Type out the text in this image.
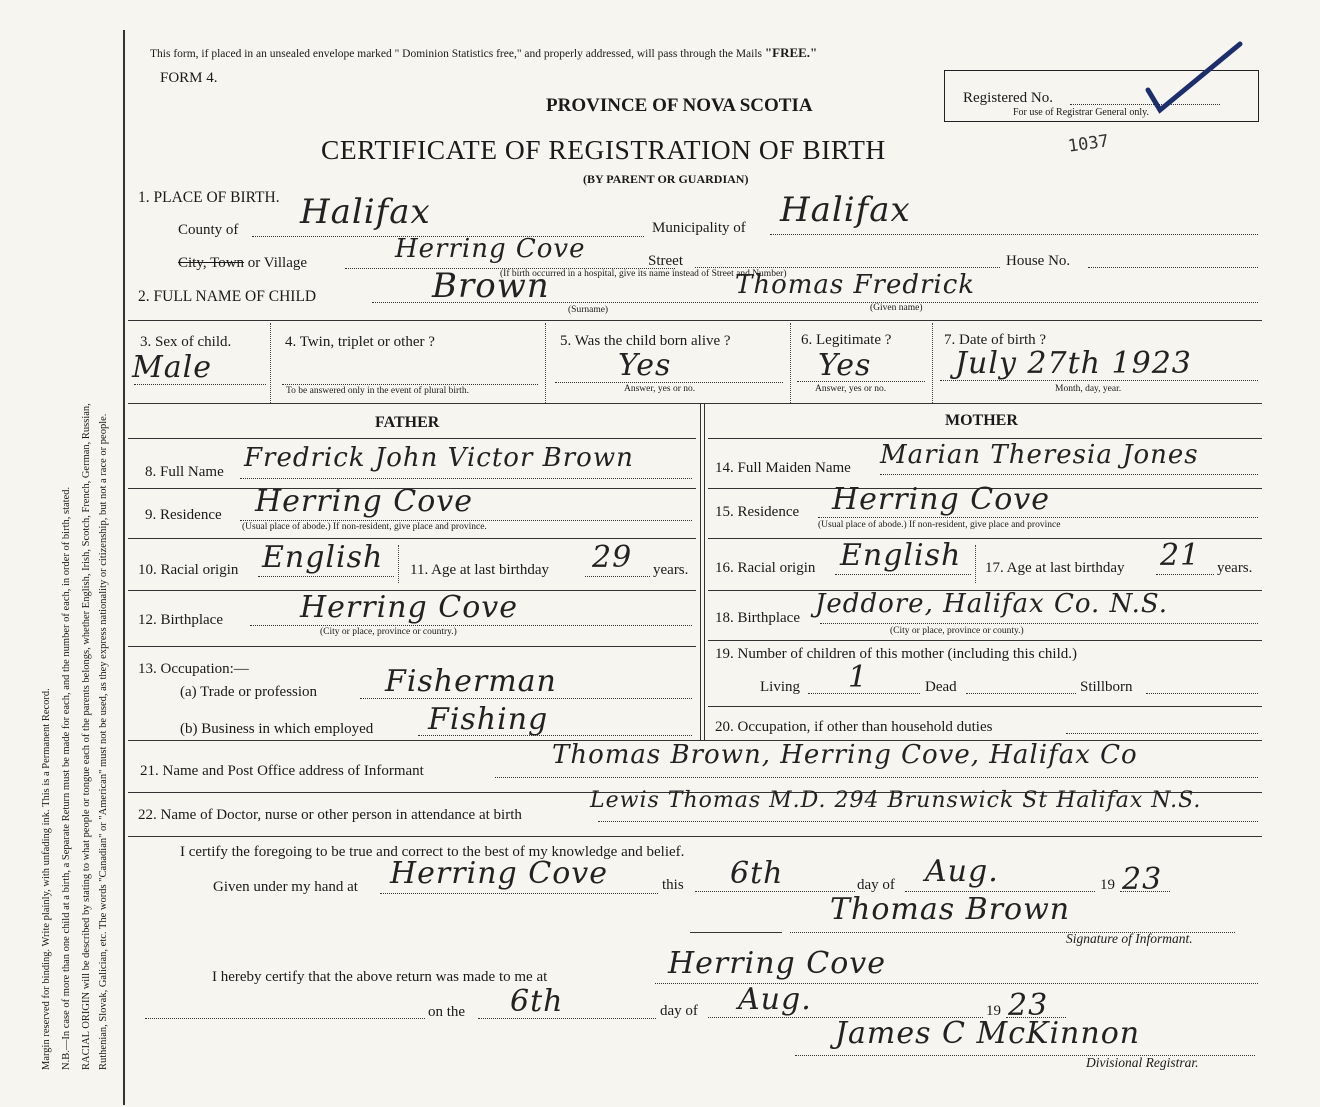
Margin reserved for binding. Write plainly, with unfading ink. This is a Permanent Record. N.B.—In case of more than one child at a birth, a Separate Return must be made for each, and the number of each, in order of birth, stated. RACIAL ORIGIN will be described by stating to what people or tongue each of the parents belongs, whether English, Irish, Scotch, French, German, Russian, Ruthenian, Slovak, Galician, etc. The words "Canadian" or "American" must not be used, as they express nationality or citizenship, but not a race or people.
This form, if placed in an unsealed envelope marked " Dominion Statistics free," and properly addressed, will pass through the Mails "FREE."
FORM 4.
Registered No.
For use of Registrar General only.
PROVINCE OF NOVA SCOTIA
CERTIFICATE OF REGISTRATION OF BIRTH	1037
(BY PARENT OR GUARDIAN)
1. PLACE OF BIRTH.
County of Halifax	Municipality of Halifax
City, Town or Village	Herring Cove	Street	House No.
(If birth occurred in a hospital, give its name instead of Street and Number)
2. FULL NAME OF CHILD	Brown	Thomas Fredrick
(Surname)	(Given name)
3. Sex of child.
Male
4. Twin, triplet or other ?
To be answered only in the event of plural birth.
5. Was the child born alive ?
Yes
Answer, yes or no.
6. Legitimate ?
Yes
Answer, yes or no.
7. Date of birth ?
July 27th 1923
Month, day, year.
FATHER	MOTHER
8. Full Name Fredrick John Victor Brown
9. Residence Herring Cove
(Usual place of abode.) If non-resident, give place and province.
10. Racial origin English 11. Age at last birthday 29 years.
12. Birthplace	Herring Cove
(City or place, province or country.)
13. Occupation:—
(a) Trade or profession Fisherman
(b) Business in which employed Fishing
14. Full Maiden Name Marian Theresia Jones
15. Residence Herring Cove
(Usual place of abode.) If non-resident, give place and province
16. Racial origin English 17. Age at last birthday 21 years.
18. Birthplace Jeddore, Halifax Co. N.S.
(City or place, province or county.)
19. Number of children of this mother (including this child.)
Living 1	Dead	Stillborn
20. Occupation, if other than household duties
21. Name and Post Office address of Informant
Thomas Brown, Herring Cove, Halifax Co
22. Name of Doctor, nurse or other person in attendance at birth
Lewis Thomas M.D. 294 Brunswick St Halifax N.S.
I certify the foregoing to be true and correct to the best of my knowledge and belief.
Given under my hand at Herring Cove	this 6th	day of Aug.	19 23
Thomas Brown
Signature of Informant.
I hereby certify that the above return was made to me at	Herring Cove
on the 6th	day of Aug.	19 23
James C McKinnon
Divisional Registrar.
